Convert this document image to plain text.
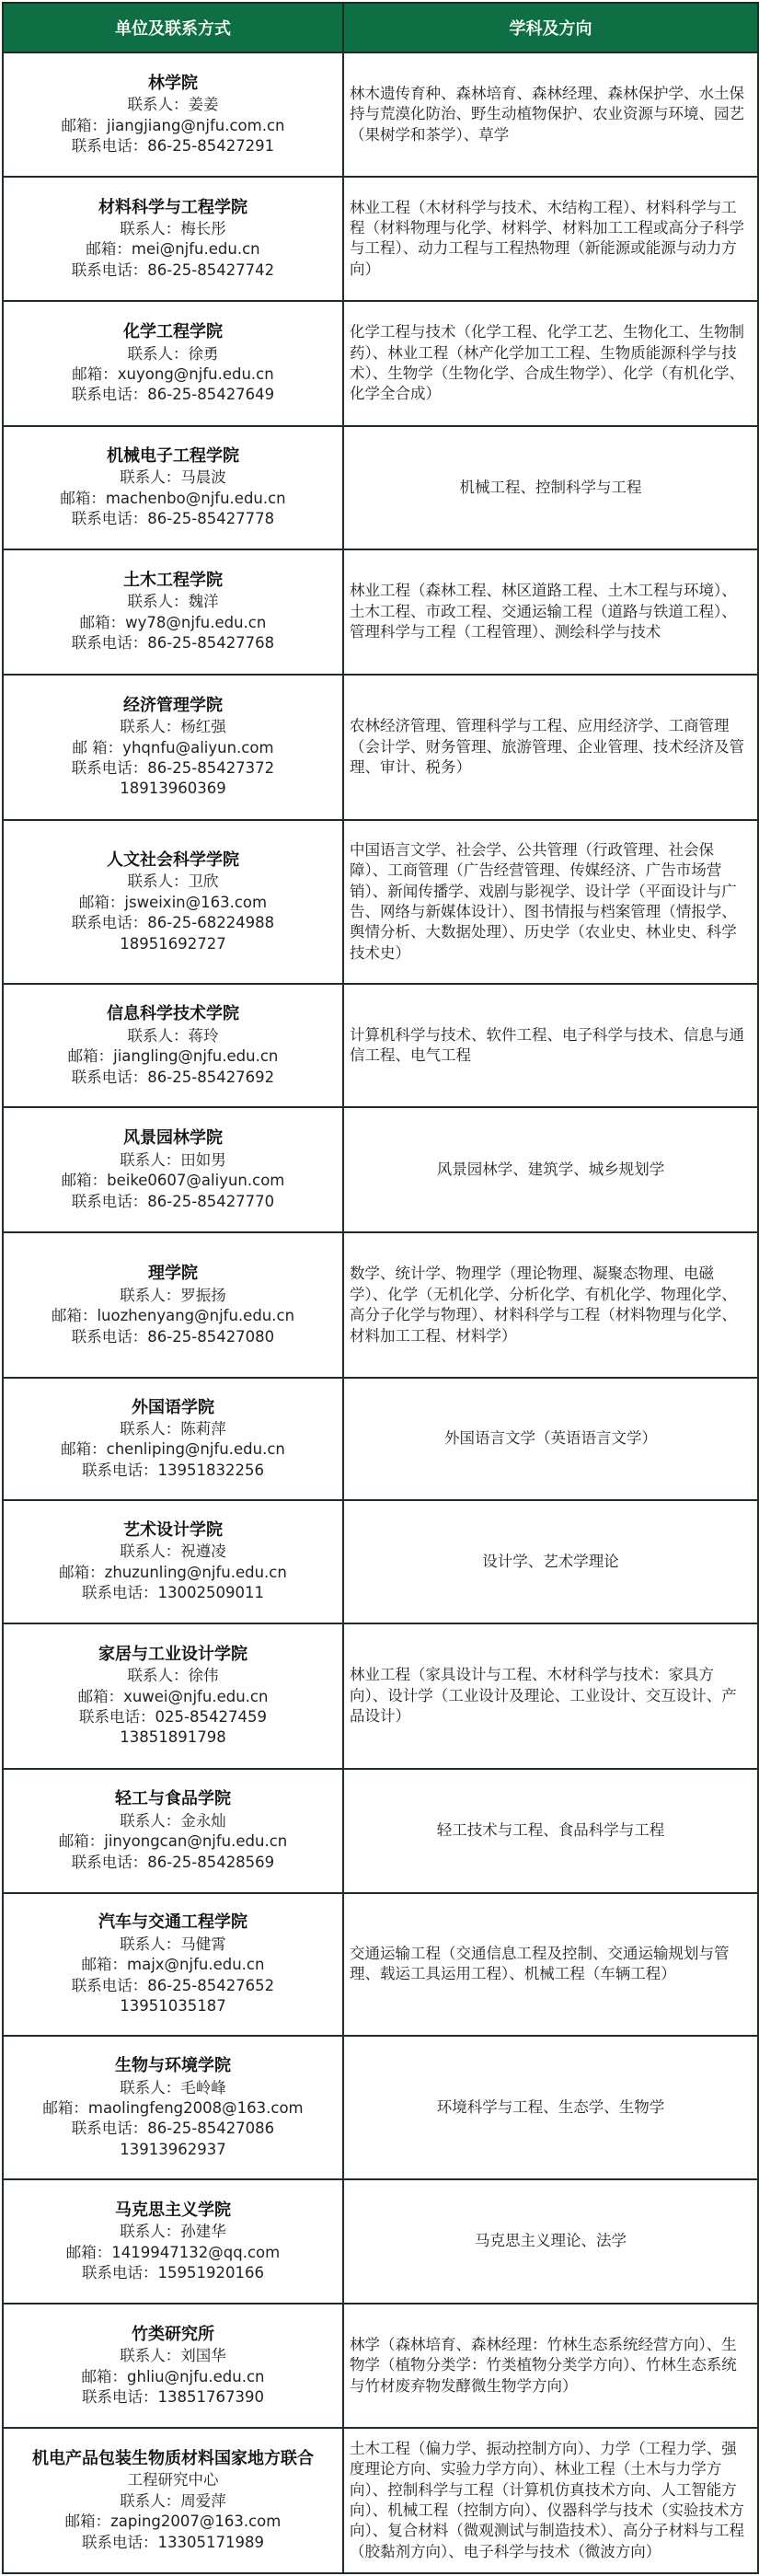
单位及联系方式	学科及方向

林学院
联系人：姜姜
邮箱：jiangjiang@njfu.com.cn
联系电话：86-25-85427291	林木遗传育种、森林培育、森林经理、森林保护学、水土保持与荒漠化防治、野生动植物保护、农业资源与环境、园艺（果树学和茶学）、草学

材料科学与工程学院
联系人：梅长彤
邮箱：mei@njfu.edu.cn
联系电话：86-25-85427742	林业工程（木材科学与技术、木结构工程）、材料科学与工程（材料物理与化学、材料学、材料加工工程或高分子科学与工程）、动力工程与工程热物理（新能源或能源与动力方向）

化学工程学院
联系人：徐勇
邮箱：xuyong@njfu.edu.cn
联系电话：86-25-85427649	化学工程与技术（化学工程、化学工艺、生物化工、生物制药）、林业工程（林产化学加工工程、生物质能源科学与技术）、生物学（生物化学、合成生物学）、化学（有机化学、化学全合成）

机械电子工程学院
联系人：马晨波
邮箱：machenbo@njfu.edu.cn
联系电话：86-25-85427778	机械工程、控制科学与工程

土木工程学院
联系人：魏洋
邮箱：wy78@njfu.edu.cn
联系电话：86-25-85427768	林业工程（森林工程、林区道路工程、土木工程与环境）、土木工程、市政工程、交通运输工程（道路与铁道工程）、管理科学与工程（工程管理）、测绘科学与技术

经济管理学院
联系人：杨红强
邮 箱：yhqnfu@aliyun.com
联系电话：86-25-85427372
18913960369	农林经济管理、管理科学与工程、应用经济学、工商管理（会计学、财务管理、旅游管理、企业管理、技术经济及管理、审计、税务）

人文社会科学学院
联系人：卫欣
邮箱：jsweixin@163.com
联系电话：86-25-68224988
18951692727	中国语言文学、社会学、公共管理（行政管理、社会保障）、工商管理（广告经营管理、传媒经济、广告市场营销）、新闻传播学、戏剧与影视学、设计学（平面设计与广告、网络与新媒体设计）、图书情报与档案管理（情报学、舆情分析、大数据处理）、历史学（农业史、林业史、科学技术史）

信息科学技术学院
联系人：蒋玲
邮箱：jiangling@njfu.edu.cn
联系电话：86-25-85427692	计算机科学与技术、软件工程、电子科学与技术、信息与通信工程、电气工程

风景园林学院
联系人：田如男
邮箱：beike0607@aliyun.com
联系电话：86-25-85427770	风景园林学、建筑学、城乡规划学

理学院
联系人：罗振扬
邮箱：luozhenyang@njfu.edu.cn
联系电话：86-25-85427080	数学、统计学、物理学（理论物理、凝聚态物理、电磁学）、化学（无机化学、分析化学、有机化学、物理化学、高分子化学与物理）、材料科学与工程（材料物理与化学、材料加工工程、材料学）

外国语学院
联系人：陈莉萍
邮箱：chenliping@njfu.edu.cn
联系电话：13951832256	外国语言文学（英语语言文学）

艺术设计学院
联系人：祝遵凌
邮箱：zhuzunling@njfu.edu.cn
联系电话：13002509011	设计学、艺术学理论

家居与工业设计学院
联系人：徐伟
邮箱：xuwei@njfu.edu.cn
联系电话：025-85427459
13851891798	林业工程（家具设计与工程、木材科学与技术：家具方向）、设计学（工业设计及理论、工业设计、交互设计、产品设计）

轻工与食品学院
联系人：金永灿
邮箱：jinyongcan@njfu.edu.cn
联系电话：86-25-85428569	轻工技术与工程、食品科学与工程

汽车与交通工程学院
联系人：马健霄
邮箱：majx@njfu.edu.cn
联系电话：86-25-85427652
13951035187	交通运输工程（交通信息工程及控制、交通运输规划与管理、载运工具运用工程）、机械工程（车辆工程）

生物与环境学院
联系人：毛岭峰
邮箱：maolingfeng2008@163.com
联系电话：86-25-85427086
13913962937	环境科学与工程、生态学、生物学

马克思主义学院
联系人：孙建华
邮箱：1419947132@qq.com
联系电话：15951920166	马克思主义理论、法学

竹类研究所
联系人：刘国华
邮箱：ghliu@njfu.edu.cn
联系电话：13851767390	林学（森林培育、森林经理：竹林生态系统经营方向）、生物学（植物分类学：竹类植物分类学方向）、竹林生态系统与竹材废弃物发酵微生物学方向）

机电产品包装生物质材料国家地方联合
工程研究中心
联系人：周爱萍
邮箱：zaping2007@163.com
联系电话：13305171989	土木工程（偏力学、振动控制方向）、力学（工程力学、强度理论方向、实验力学方向）、林业工程（土木与力学方向）、控制科学与工程（计算机仿真技术方向、人工智能方向）、机械工程（控制方向）、仪器科学与技术（实验技术方向）、复合材料（微观测试与制造技术）、高分子材料与工程（胶黏剂方向）、电子科学与技术（微波方向）
